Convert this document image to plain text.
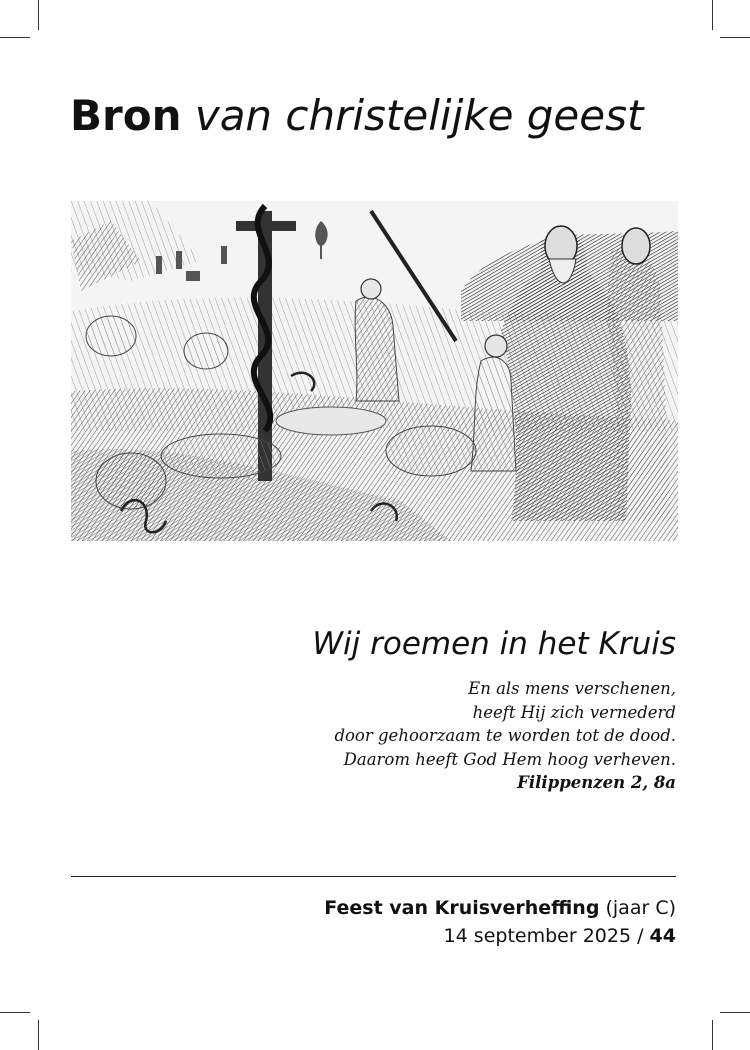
Bron van christelijke geest
Wij roemen in het Kruis
En als mens verschenen,
heeft Hij zich vernederd
door gehoorzaam te worden tot de dood.
Daarom heeft God Hem hoog verheven.
Filippenzen 2, 8a
Feest van Kruisverheffing (jaar C)
14 september 2025 / 44
